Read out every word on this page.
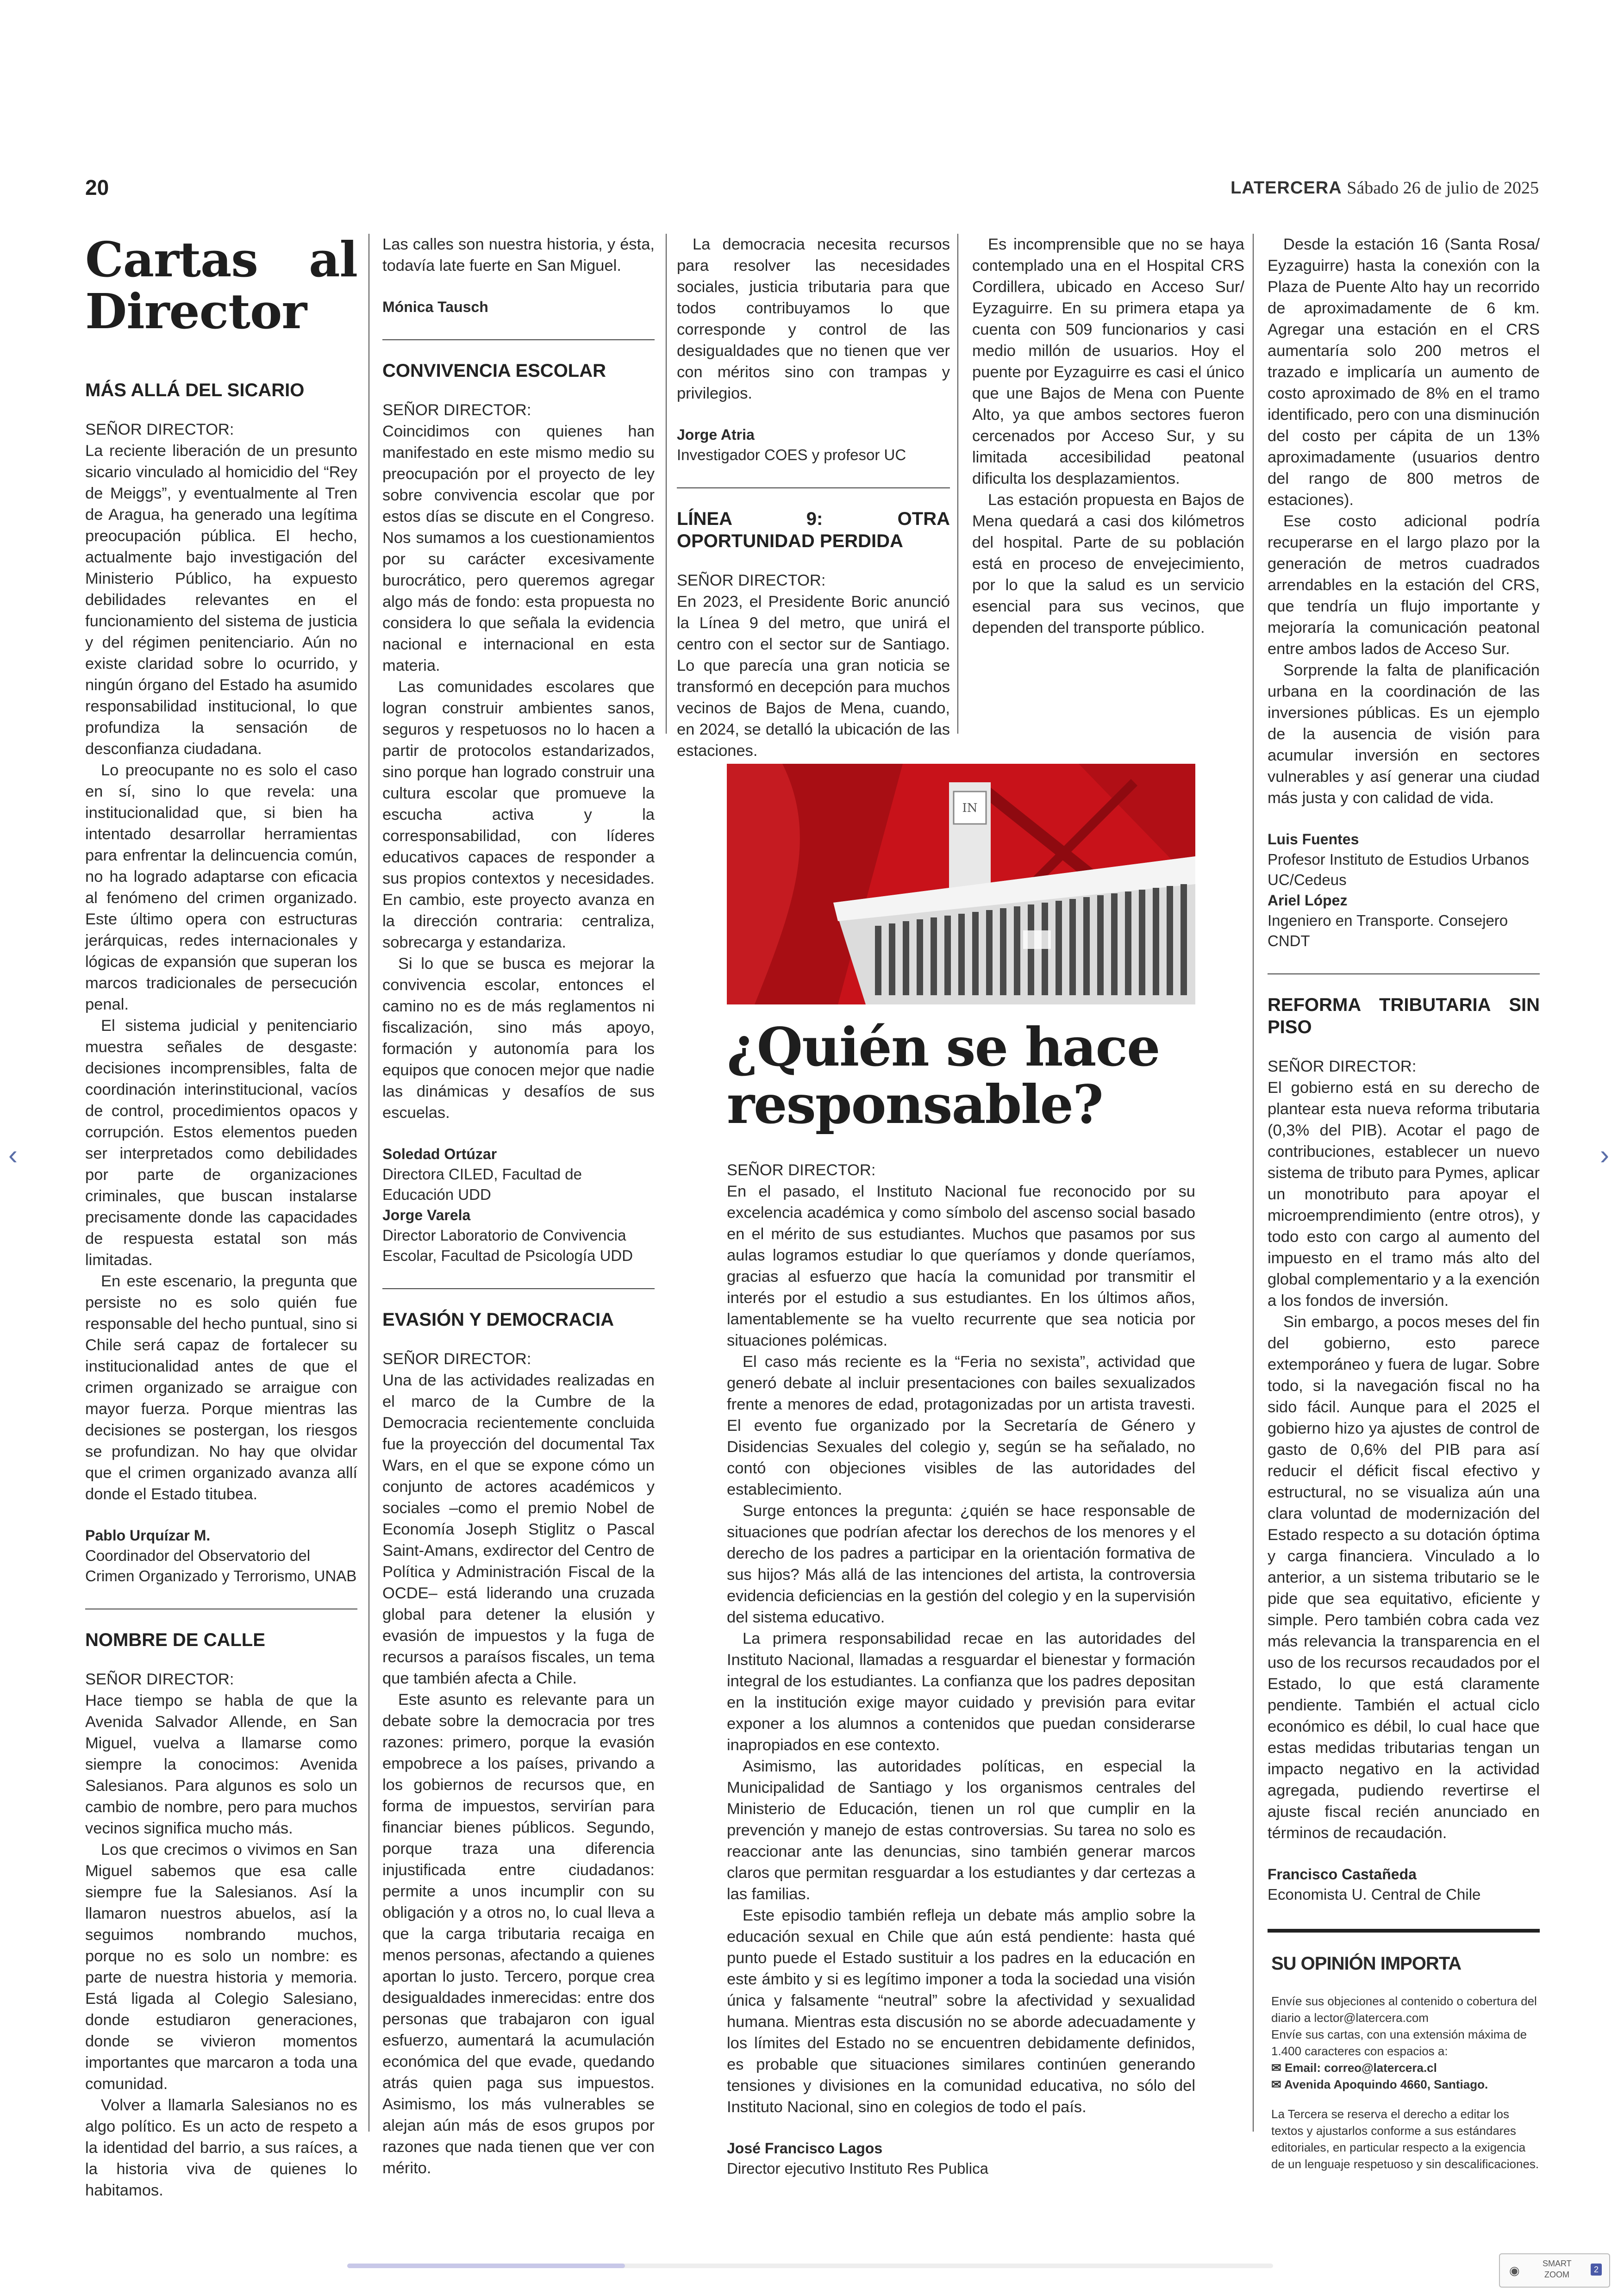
20	LATERCERA Sábado 26 de julio de 2025
Cartas al Director
MÁS ALLÁ DEL SICARIO

SEÑOR DIRECTOR:

La reciente liberación de un presunto sicario vinculado al homicidio del “Rey de Meiggs”, y eventualmente al Tren de Aragua, ha generado una legítima preocupación pública. El hecho, actualmente bajo investigación del Ministerio Público, ha expuesto debilidades relevantes en el funcionamiento del sistema de justicia y del régimen penitenciario. Aún no existe claridad sobre lo ocurrido, y ningún órgano del Estado ha asumido responsabilidad institucional, lo que profundiza la sensación de desconfianza ciudadana.

Lo preocupante no es solo el caso en sí, sino lo que revela: una institucionalidad que, si bien ha intentado desarrollar herramientas para enfrentar la delincuencia común, no ha logrado adaptarse con eficacia al fenómeno del crimen organizado. Este último opera con estructuras jerárquicas, redes internacionales y lógicas de expansión que superan los marcos tradicionales de persecución penal.

El sistema judicial y penitenciario muestra señales de desgaste: decisiones incomprensibles, falta de coordinación interinstitucional, vacíos de control, procedimientos opacos y corrupción. Estos elementos pueden ser interpretados como debilidades por parte de organizaciones criminales, que buscan instalarse precisamente donde las capacidades de respuesta estatal son más limitadas.

En este escenario, la pregunta que persiste no es solo quién fue responsable del hecho puntual, sino si Chile será capaz de fortalecer su institucionalidad antes de que el crimen organizado se arraigue con mayor fuerza. Porque mientras las decisiones se postergan, los riesgos se profundizan. No hay que olvidar que el crimen organizado avanza allí donde el Estado titubea.

Pablo Urquízar M.
Coordinador del Observatorio del Crimen Organizado y Terrorismo, UNAB
NOMBRE DE CALLE

SEÑOR DIRECTOR:

Hace tiempo se habla de que la Avenida Salvador Allende, en San Miguel, vuelva a llamarse como siempre la conocimos: Avenida Salesianos. Para algunos es solo un cambio de nombre, pero para muchos vecinos significa mucho más.

Los que crecimos o vivimos en San Miguel sabemos que esa calle siempre fue la Salesianos. Así la llamaron nuestros abuelos, así la seguimos nombrando muchos, porque no es solo un nombre: es parte de nuestra historia y memoria. Está ligada al Colegio Salesiano, donde estudiaron generaciones, donde se vivieron momentos importantes que marcaron a toda una comunidad.

Volver a llamarla Salesianos no es algo político. Es un acto de respeto a la identidad del barrio, a sus raíces, a la historia viva de quienes lo habitamos.

Las calles son nuestra historia, y ésta, todavía late fuerte en San Miguel.

Mónica Tausch
CONVIVENCIA ESCOLAR

SEÑOR DIRECTOR:

Coincidimos con quienes han manifestado en este mismo medio su preocupación por el proyecto de ley sobre convivencia escolar que por estos días se discute en el Congreso. Nos sumamos a los cuestionamientos por su carácter excesivamente burocrático, pero queremos agregar algo más de fondo: esta propuesta no considera lo que señala la evidencia nacional e internacional en esta materia.

Las comunidades escolares que logran construir ambientes sanos, seguros y respetuosos no lo hacen a partir de protocolos estandarizados, sino porque han logrado construir una cultura escolar que promueve la escucha activa y la corresponsabilidad, con líderes educativos capaces de responder a sus propios contextos y necesidades. En cambio, este proyecto avanza en la dirección contraria: centraliza, sobrecarga y estandariza.

Si lo que se busca es mejorar la convivencia escolar, entonces el camino no es de más reglamentos ni fiscalización, sino más apoyo, formación y autonomía para los equipos que conocen mejor que nadie las dinámicas y desafíos de sus escuelas.

Soledad Ortúzar
Directora CILED, Facultad de Educación UDD
Jorge Varela
Director Laboratorio de Convivencia Escolar, Facultad de Psicología UDD
EVASIÓN Y DEMOCRACIA

SEÑOR DIRECTOR:

Una de las actividades realizadas en el marco de la Cumbre de la Democracia recientemente concluida fue la proyección del documental Tax Wars, en el que se expone cómo un conjunto de actores académicos y sociales –como el premio Nobel de Economía Joseph Stiglitz o Pascal Saint-Amans, exdirector del Centro de Política y Administración Fiscal de la OCDE– está liderando una cruzada global para detener la elusión y evasión de impuestos y la fuga de recursos a paraísos fiscales, un tema que también afecta a Chile.

Este asunto es relevante para un debate sobre la democracia por tres razones: primero, porque la evasión empobrece a los países, privando a los gobiernos de recursos que, en forma de impuestos, servirían para financiar bienes públicos. Segundo, porque traza una diferencia injustificada entre ciudadanos: permite a unos incumplir con su obligación y a otros no, lo cual lleva a que la carga tributaria recaiga en menos personas, afectando a quienes aportan lo justo. Tercero, porque crea desigualdades inmerecidas: entre dos personas que trabajaron con igual esfuerzo, aumentará la acumulación económica del que evade, quedando atrás quien paga sus impuestos. Asimismo, los más vulnerables se alejan aún más de esos grupos por razones que nada tienen que ver con mérito.

La democracia necesita recursos para resolver las necesidades sociales, justicia tributaria para que todos contribuyamos lo que corresponde y control de las desigualdades que no tienen que ver con méritos sino con trampas y privilegios.

Jorge Atria
Investigador COES y profesor UC
LÍNEA 9: OTRA OPORTUNIDAD PERDIDA

SEÑOR DIRECTOR:

En 2023, el Presidente Boric anunció la Línea 9 del metro, que unirá el centro con el sector sur de Santiago. Lo que parecía una gran noticia se transformó en decepción para muchos vecinos de Bajos de Mena, cuando, en 2024, se detalló la ubicación de las estaciones.

Es incomprensible que no se haya contemplado una en el Hospital CRS Cordillera, ubicado en Acceso Sur/ Eyzaguirre. En su primera etapa ya cuenta con 509 funcionarios y casi medio millón de usuarios. Hoy el puente por Eyzaguirre es casi el único que une Bajos de Mena con Puente Alto, ya que ambos sectores fueron cercenados por Acceso Sur, y su limitada accesibilidad peatonal dificulta los desplazamientos.

Las estación propuesta en Bajos de Mena quedará a casi dos kilómetros del hospital. Parte de su población está en proceso de envejecimiento, por lo que la salud es un servicio esencial para sus vecinos, que dependen del transporte público.

Desde la estación 16 (Santa Rosa/ Eyzaguirre) hasta la conexión con la Plaza de Puente Alto hay un recorrido de aproximadamente de 6 km. Agregar una estación en el CRS aumentaría solo 200 metros el trazado e implicaría un aumento de costo aproximado de 8% en el tramo identificado, pero con una disminución del costo per cápita de un 13% aproximadamente (usuarios dentro del rango de 800 metros de estaciones).

Ese costo adicional podría recuperarse en el largo plazo por la generación de metros cuadrados arrendables en la estación del CRS, que tendría un flujo importante y mejoraría la comunicación peatonal entre ambos lados de Acceso Sur.

Sorprende la falta de planificación urbana en la coordinación de las inversiones públicas. Es un ejemplo de la ausencia de visión para acumular inversión en sectores vulnerables y así generar una ciudad más justa y con calidad de vida.

Luis Fuentes
Profesor Instituto de Estudios Urbanos UC/Cedeus
Ariel López
Ingeniero en Transporte. Consejero CNDT
REFORMA TRIBUTARIA SIN PISO

SEÑOR DIRECTOR:

El gobierno está en su derecho de plantear esta nueva reforma tributaria (0,3% del PIB). Acotar el pago de contribuciones, establecer un nuevo sistema de tributo para Pymes, aplicar un monotributo para apoyar el microemprendimiento (entre otros), y todo esto con cargo al aumento del impuesto en el tramo más alto del global complementario y a la exención a los fondos de inversión.

Sin embargo, a pocos meses del fin del gobierno, esto parece extemporáneo y fuera de lugar. Sobre todo, si la navegación fiscal no ha sido fácil. Aunque para el 2025 el gobierno hizo ya ajustes de control de gasto de 0,6% del PIB para así reducir el déficit fiscal efectivo y estructural, no se visualiza aún una clara voluntad de modernización del Estado respecto a su dotación óptima y carga financiera. Vinculado a lo anterior, a un sistema tributario se le pide que sea equitativo, eficiente y simple. Pero también cobra cada vez más relevancia la transparencia en el uso de los recursos recaudados por el Estado, lo que está claramente pendiente. También el actual ciclo económico es débil, lo cual hace que estas medidas tributarias tengan un impacto negativo en la actividad agregada, pudiendo revertirse el ajuste fiscal recién anunciado en términos de recaudación.

Francisco Castañeda
Economista U. Central de Chile
SU OPINIÓN IMPORTA
Envíe sus objeciones al contenido o cobertura del diario a lector@latercera.com
Envíe sus cartas, con una extensión máxima de 1.400 caracteres con espacios a:
✉ Email: correo@latercera.cl
✉ Avenida Apoquindo 4660, Santiago.
La Tercera se reserva el derecho a editar los textos y ajustarlos conforme a sus estándares editoriales, en particular respecto a la exigencia de un lenguaje respetuoso y sin descalificaciones.
IN
¿Quién se hace responsable?

SEÑOR DIRECTOR:

En el pasado, el Instituto Nacional fue reconocido por su excelencia académica y como símbolo del ascenso social basado en el mérito de sus estudiantes. Muchos que pasamos por sus aulas logramos estudiar lo que queríamos y donde queríamos, gracias al esfuerzo que hacía la comunidad por transmitir el interés por el estudio a sus estudiantes. En los últimos años, lamentablemente se ha vuelto recurrente que sea noticia por situaciones polémicas.

El caso más reciente es la “Feria no sexista”, actividad que generó debate al incluir presentaciones con bailes sexualizados frente a menores de edad, protagonizadas por un artista travesti. El evento fue organizado por la Secretaría de Género y Disidencias Sexuales del colegio y, según se ha señalado, no contó con objeciones visibles de las autoridades del establecimiento.

Surge entonces la pregunta: ¿quién se hace responsable de situaciones que podrían afectar los derechos de los menores y el derecho de los padres a participar en la orientación formativa de sus hijos? Más allá de las intenciones del artista, la controversia evidencia deficiencias en la gestión del colegio y en la supervisión del sistema educativo.

La primera responsabilidad recae en las autoridades del Instituto Nacional, llamadas a resguardar el bienestar y formación integral de los estudiantes. La confianza que los padres depositan en la institución exige mayor cuidado y previsión para evitar exponer a los alumnos a contenidos que puedan considerarse inapropiados en ese contexto.

Asimismo, las autoridades políticas, en especial la Municipalidad de Santiago y los organismos centrales del Ministerio de Educación, tienen un rol que cumplir en la prevención y manejo de estas controversias. Su tarea no solo es reaccionar ante las denuncias, sino también generar marcos claros que permitan resguardar a los estudiantes y dar certezas a las familias.

Este episodio también refleja un debate más amplio sobre la educación sexual en Chile que aún está pendiente: hasta qué punto puede el Estado sustituir a los padres en la educación en este ámbito y si es legítimo imponer a toda la sociedad una visión única y falsamente “neutral” sobre la afectividad y sexualidad humana. Mientras esta discusión no se aborde adecuadamente y los límites del Estado no se encuentren debidamente definidos, es probable que situaciones similares continúen generando tensiones y divisiones en la comunidad educativa, no sólo del Instituto Nacional, sino en colegios de todo el país.

José Francisco Lagos
Director ejecutivo Instituto Res Publica
‹	›
◉	SMART
ZOOM
2
